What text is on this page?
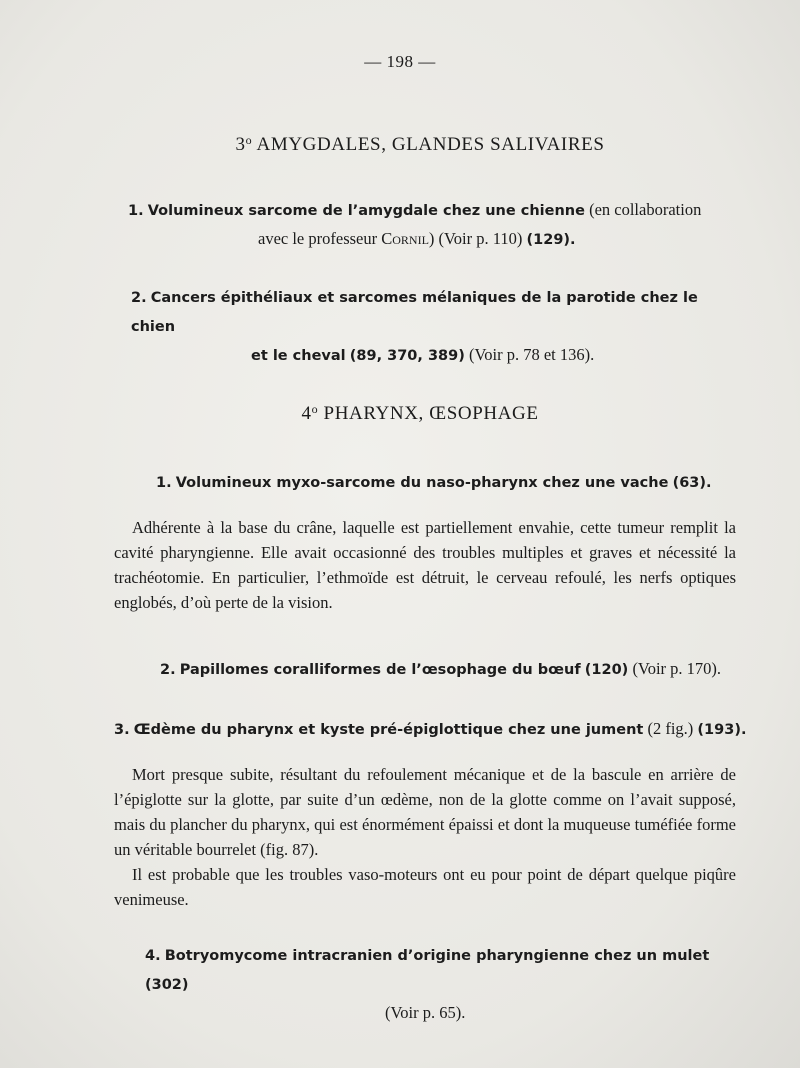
— 198 —
3$^o$ AMYGDALES, GLANDES SALIVAIRES
1. Volumineux sarcome de l’amygdale chez une chienne (en collaboration
avec le professeur Cornil) (Voir p. 110) (129).
2. Cancers épithéliaux et sarcomes mélaniques de la parotide chez le chien
et le cheval (89, 370, 389) (Voir p. 78 et 136).
4$^o$ PHARYNX, ŒSOPHAGE
1. Volumineux myxo-sarcome du naso-pharynx chez une vache (63).

Adhérente à la base du crâne, laquelle est partiellement envahie, cette tumeur remplit la cavité pharyngienne. Elle avait occasionné des troubles multiples et graves et nécessité la trachéotomie. En particulier, l’ethmoïde est détruit, le cerveau refoulé, les nerfs optiques englobés, d’où perte de la vision.

2. Papillomes coralliformes de l’œsophage du bœuf (120) (Voir p. 170).
3. Œdème du pharynx et kyste pré-épiglottique chez une jument (2 fig.) (193).

Mort presque subite, résultant du refoulement mécanique et de la bascule en arrière de l’épiglotte sur la glotte, par suite d’un œdème, non de la glotte comme on l’avait supposé, mais du plancher du pharynx, qui est énormément épaissi et dont la muqueuse tuméfiée forme un véritable bourrelet (fig. 87).

Il est probable que les troubles vaso-moteurs ont eu pour point de départ quelque piqûre venimeuse.

4. Botryomycome intracranien d’origine pharyngienne chez un mulet (302)
(Voir p. 65).
